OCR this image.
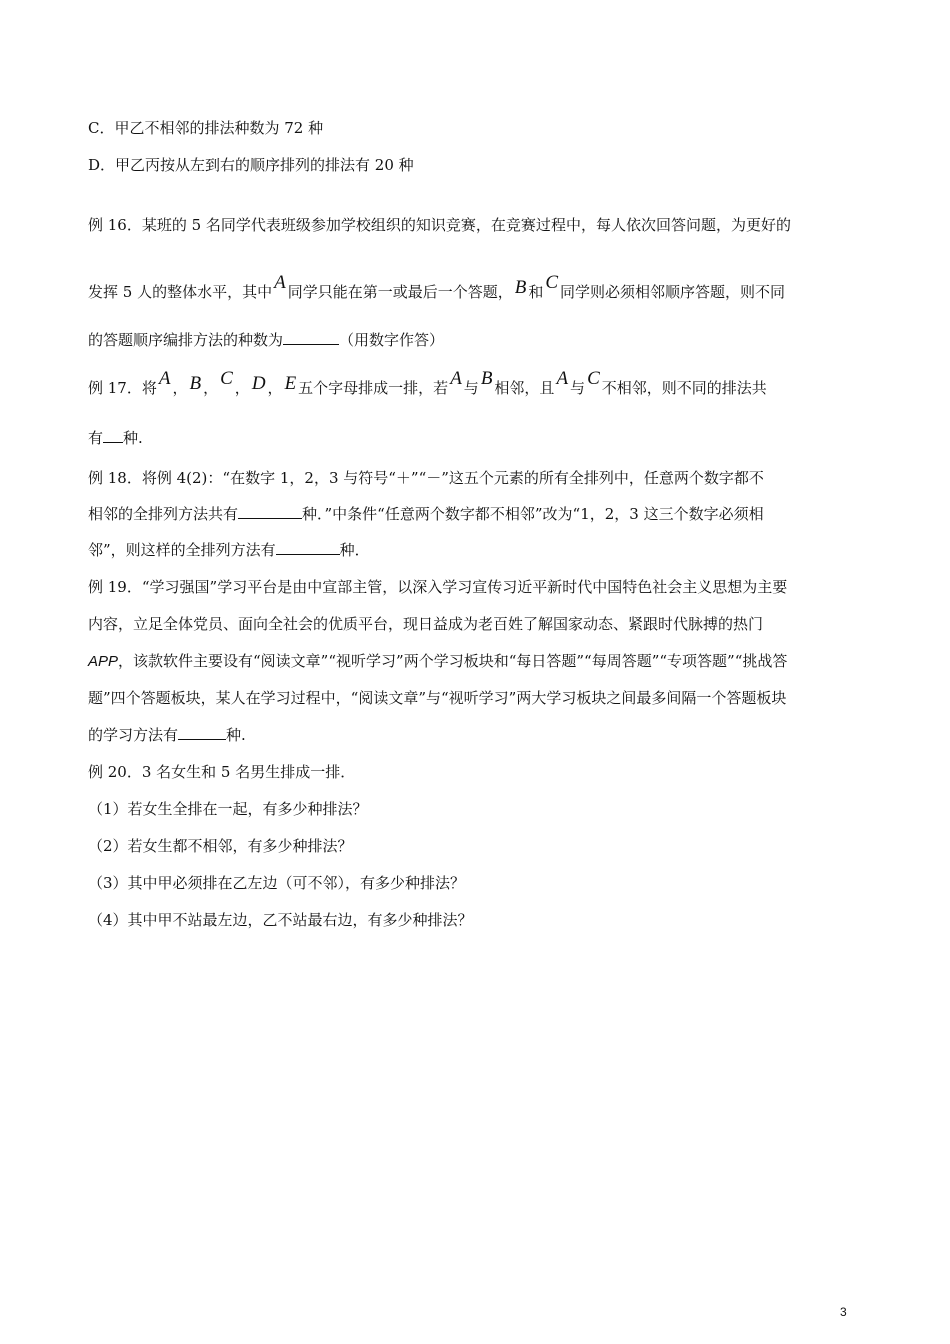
C．甲乙不相邻的排法种数为 72 种
D．甲乙丙按从左到右的顺序排列的排法有 20 种
例 16．某班的 5 名同学代表班级参加学校组织的知识竞赛，在竞赛过程中，每人依次回答问题，为更好的
发挥 5 人的整体水平，其中 A 同学只能在第一或最后一个答题， B 和 C 同学则必须相邻顺序答题，则不同
的答题顺序编排方法的种数为	（用数字作答）
例 17．将 A ， B ， C ， D ， E 五个字母排成一排，若 A 与 B 相邻，且 A 与 C 不相邻，则不同的排法共
有 种.
例 18．将例 4(2)：“在数字 1，2，3 与符号“＋”“－”这五个元素的所有全排列中，任意两个数字都不
相邻的全排列方法共有	种．”中条件“任意两个数字都不相邻”改为“1，2，3 这三个数字必须相
邻”，则这样的全排列方法有	种．
例 19．“学习强国”学习平台是由中宣部主管，以深入学习宣传习近平新时代中国特色社会主义思想为主要
内容，立足全体党员、面向全社会的优质平台，现日益成为老百姓了解国家动态、紧跟时代脉搏的热门
APP，该款软件主要设有“阅读文章”“视听学习”两个学习板块和“每日答题”“每周答题”“专项答题”“挑战答
题”四个答题板块，某人在学习过程中，“阅读文章”与“视听学习”两大学习板块之间最多间隔一个答题板块
的学习方法有	种.
例 20．3 名女生和 5 名男生排成一排．
（1）若女生全排在一起，有多少种排法？
（2）若女生都不相邻，有多少种排法？
（3）其中甲必须排在乙左边（可不邻），有多少种排法？
（4）其中甲不站最左边，乙不站最右边，有多少种排法？
3
